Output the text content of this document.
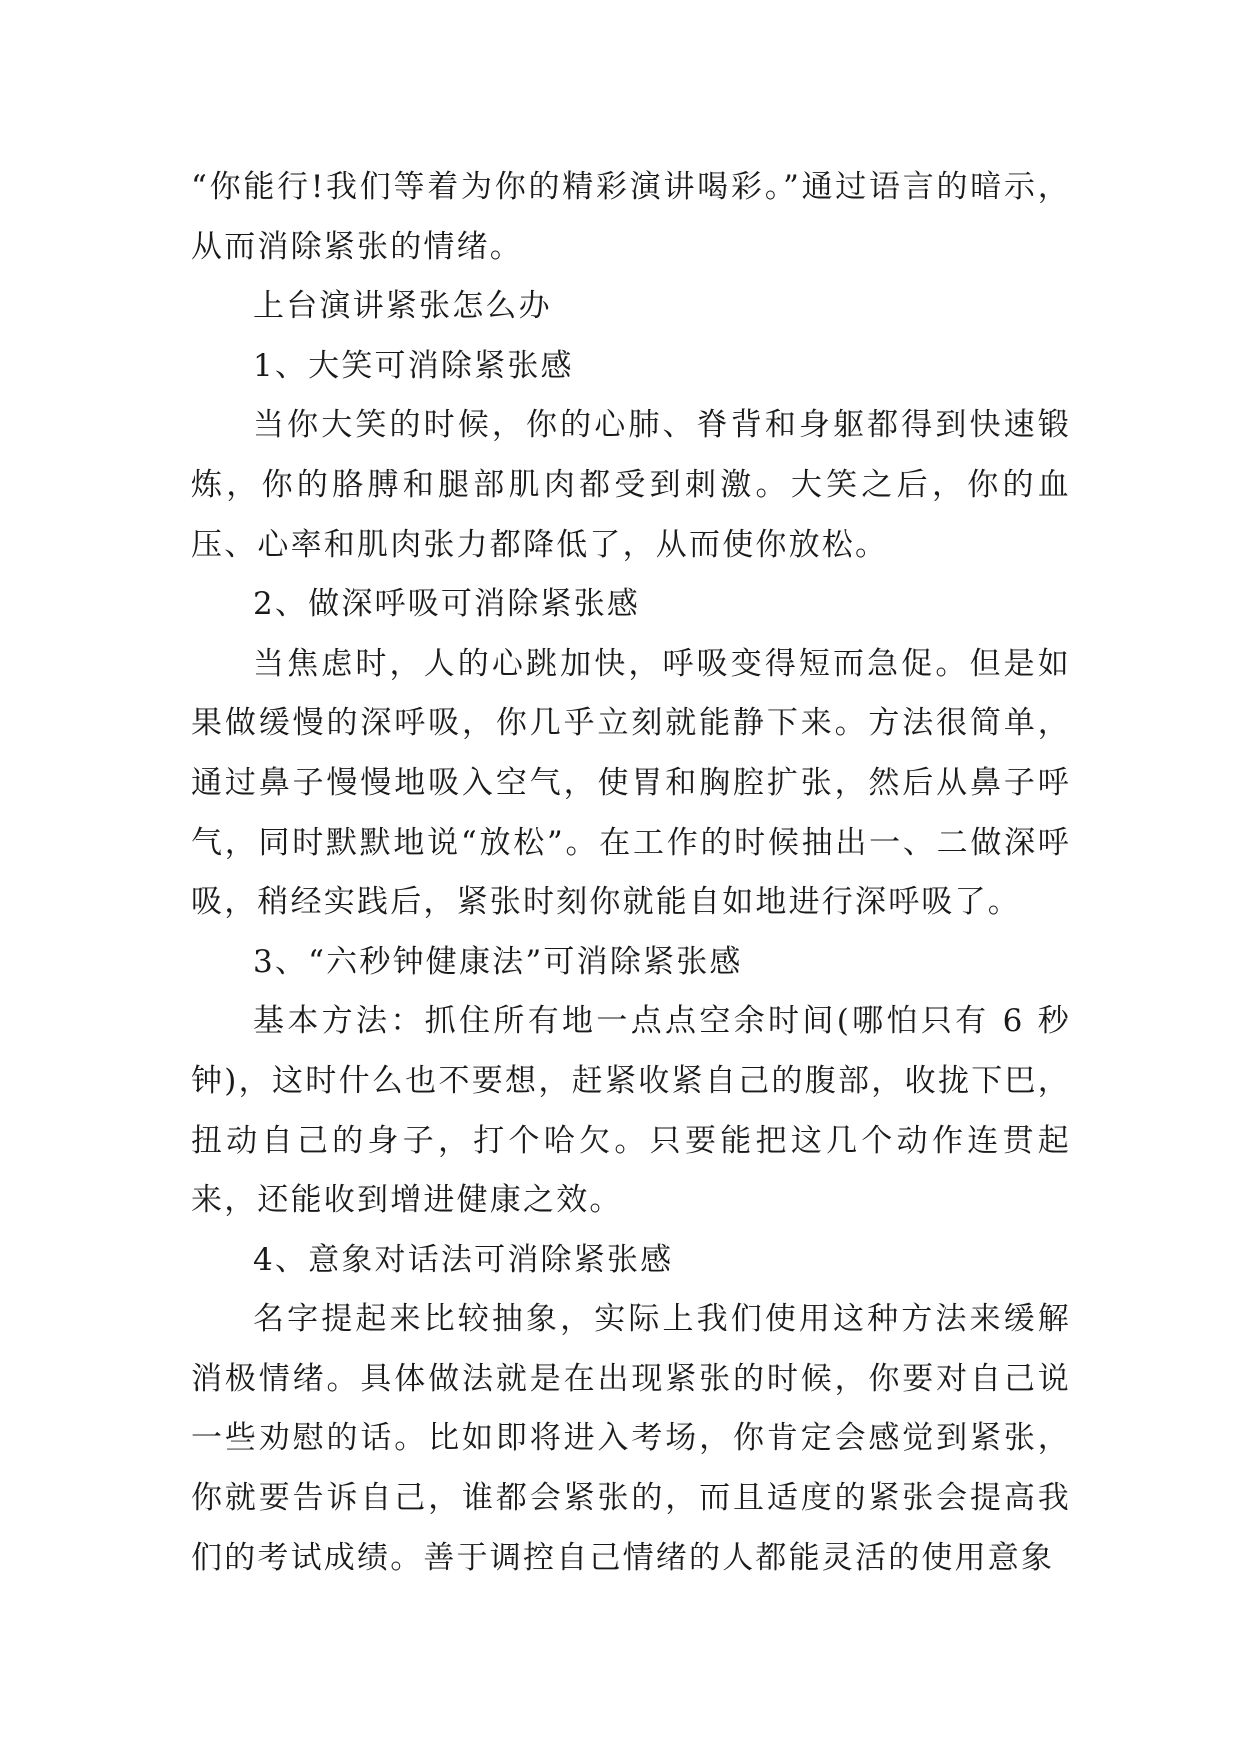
“你能行!我们等着为你的精彩演讲喝彩。”通过语言的暗示，从而消除紧张的情绪。

上台演讲紧张怎么办

1、大笑可消除紧张感

当你大笑的时候，你的心肺、脊背和身躯都得到快速锻炼，你的胳膊和腿部肌肉都受到刺激。大笑之后，你的血压、心率和肌肉张力都降低了，从而使你放松。

2、做深呼吸可消除紧张感

当焦虑时，人的心跳加快，呼吸变得短而急促。但是如果做缓慢的深呼吸，你几乎立刻就能静下来。方法很简单，通过鼻子慢慢地吸入空气，使胃和胸腔扩张，然后从鼻子呼气，同时默默地说“放松”。在工作的时候抽出一、二做深呼吸，稍经实践后，紧张时刻你就能自如地进行深呼吸了。

3、“六秒钟健康法”可消除紧张感

基本方法：抓住所有地一点点空余时间(哪怕只有 6 秒钟)，这时什么也不要想，赶紧收紧自己的腹部，收拢下巴，扭动自己的身子，打个哈欠。只要能把这几个动作连贯起来，还能收到增进健康之效。

4、意象对话法可消除紧张感

名字提起来比较抽象，实际上我们使用这种方法来缓解消极情绪。具体做法就是在出现紧张的时候，你要对自己说一些劝慰的话。比如即将进入考场，你肯定会感觉到紧张，你就要告诉自己，谁都会紧张的，而且适度的紧张会提高我们的考试成绩。善于调控自己情绪的人都能灵活的使用意象
